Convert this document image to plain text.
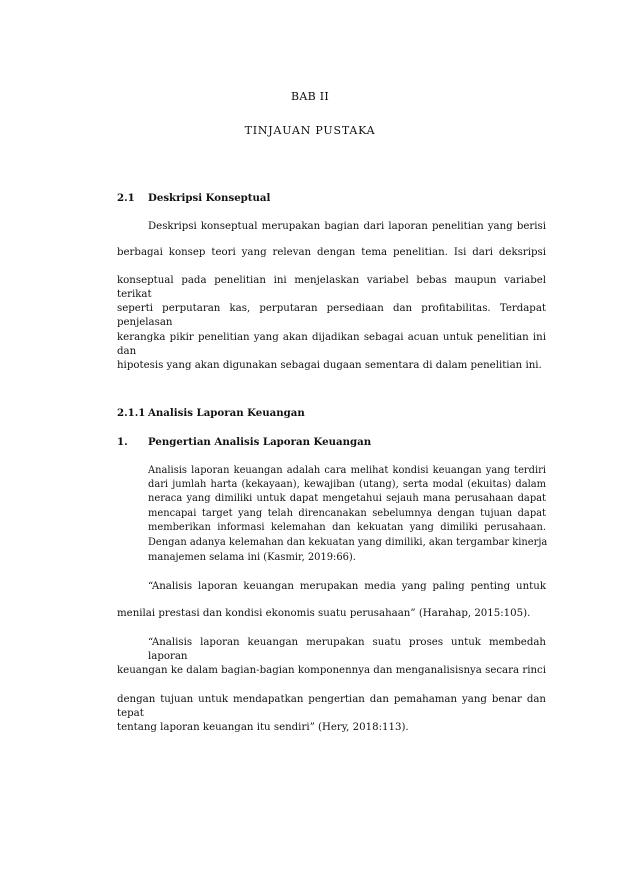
BAB II
TINJAUAN PUSTAKA
2.1 Deskripsi Konseptual
Deskripsi konseptual merupakan bagian dari laporan penelitian yang berisi
berbagai konsep teori yang relevan dengan tema penelitian. Isi dari deksripsi
konseptual pada penelitian ini menjelaskan variabel bebas maupun variabel terikat
seperti perputaran kas, perputaran persediaan dan profitabilitas. Terdapat penjelasan
kerangka pikir penelitian yang akan dijadikan sebagai acuan untuk penelitian ini dan
hipotesis yang akan digunakan sebagai dugaan sementara di dalam penelitian ini.
2.1.1 Analisis Laporan Keuangan
1. Pengertian Analisis Laporan Keuangan
Analisis laporan keuangan adalah cara melihat kondisi keuangan yang terdiri
dari jumlah harta (kekayaan), kewajiban (utang), serta modal (ekuitas) dalam
neraca yang dimiliki untuk dapat mengetahui sejauh mana perusahaan dapat
mencapai target yang telah direncanakan sebelumnya dengan tujuan dapat
memberikan informasi kelemahan dan kekuatan yang dimiliki perusahaan.
Dengan adanya kelemahan dan kekuatan yang dimiliki, akan tergambar kinerja
manajemen selama ini (Kasmir, 2019:66).
“Analisis laporan keuangan merupakan media yang paling penting untuk
menilai prestasi dan kondisi ekonomis suatu perusahaan” (Harahap, 2015:105).
“Analisis laporan keuangan merupakan suatu proses untuk membedah laporan
keuangan ke dalam bagian-bagian komponennya dan menganalisisnya secara rinci
dengan tujuan untuk mendapatkan pengertian dan pemahaman yang benar dan tepat
tentang laporan keuangan itu sendiri” (Hery, 2018:113).
